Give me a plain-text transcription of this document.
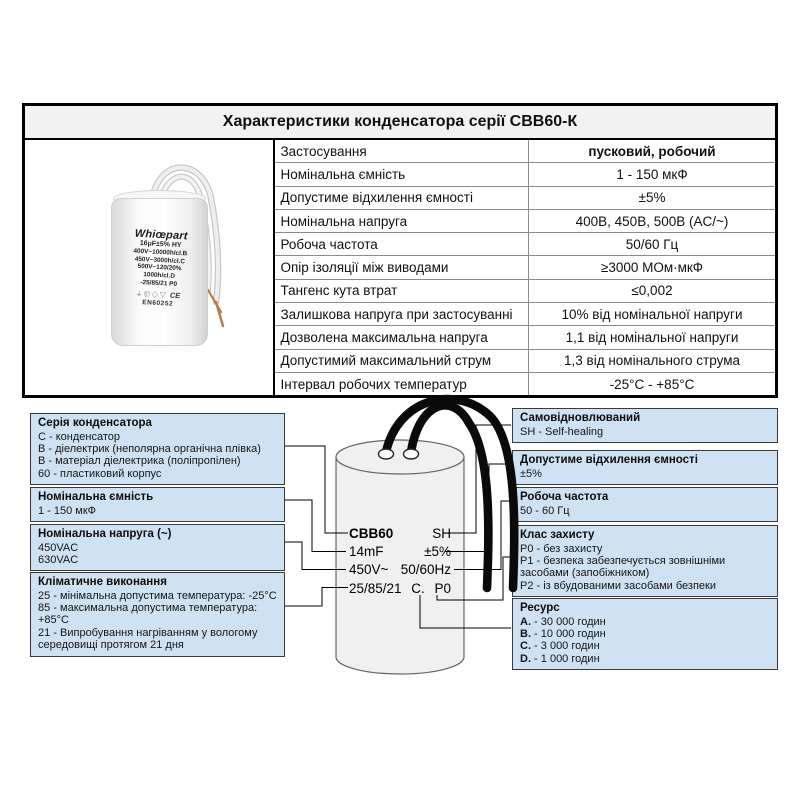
Характеристики конденсатора серії CBB60-К		

Whiœpart
16µF±5% HY
400V~10000h/cl.B
450V~3000h/cl.C
500V~120/20%
1000h/cl.D
-25/85/21 P0
⏚ Ⓤ ◇ ▽ CE
EN60252
	Застосування	пусковий, робочий
	Номінальна ємність	1 - 150 мкФ
	Допустиме відхилення ємності	±5%
	Номінальна напруга	400В, 450В, 500В (AC/~)
	Робоча частота	50/60 Гц
	Опір ізоляції між виводами	≥3000 МОм·мкФ
	Тангенс кута втрат	≤0,002
	Залишкова напруга при застосуванні	10% від номінальної напруги
	Дозволена максимальна напруга	1,1 від номінальної напруги
	Допустимий максимальний струм	1,3 від номінального струма
	Інтервал робочих температур	-25°C - +85°C
Серія конденсатора
C - конденсатор
B - діелектрик (неполярна органічна плівка)
B - матеріал діелектрика (поліпропілен)
60 - пластиковий корпус
Номінальна ємність
1 - 150 мкФ
Номінальна напруга (~)
450VAC
630VAC
Кліматичне виконання
25 - мінімальна допустима температура: -25°C
85 - максимальна допустима температура: +85°C
21 - Випробування нагріванням у вологому середовищі протягом 21 дня
Самовідновлюваний
SH - Self-healing
Допустиме відхилення ємності
±5%
Робоча частота
50 - 60 Гц
Клас захисту
P0 - без захисту
P1 - безпека забезпечується зовнішніми засобами (запобіжником)
P2 - із вбудованими засобами безпеки
Ресурс
A. - 30 000 годин
B. - 10 000 годин
C. - 3 000 годин
D. - 1 000 годин
CBB60	SH
14mF	±5%
450V~ 50/60Hz
25/85/21 C. P0
